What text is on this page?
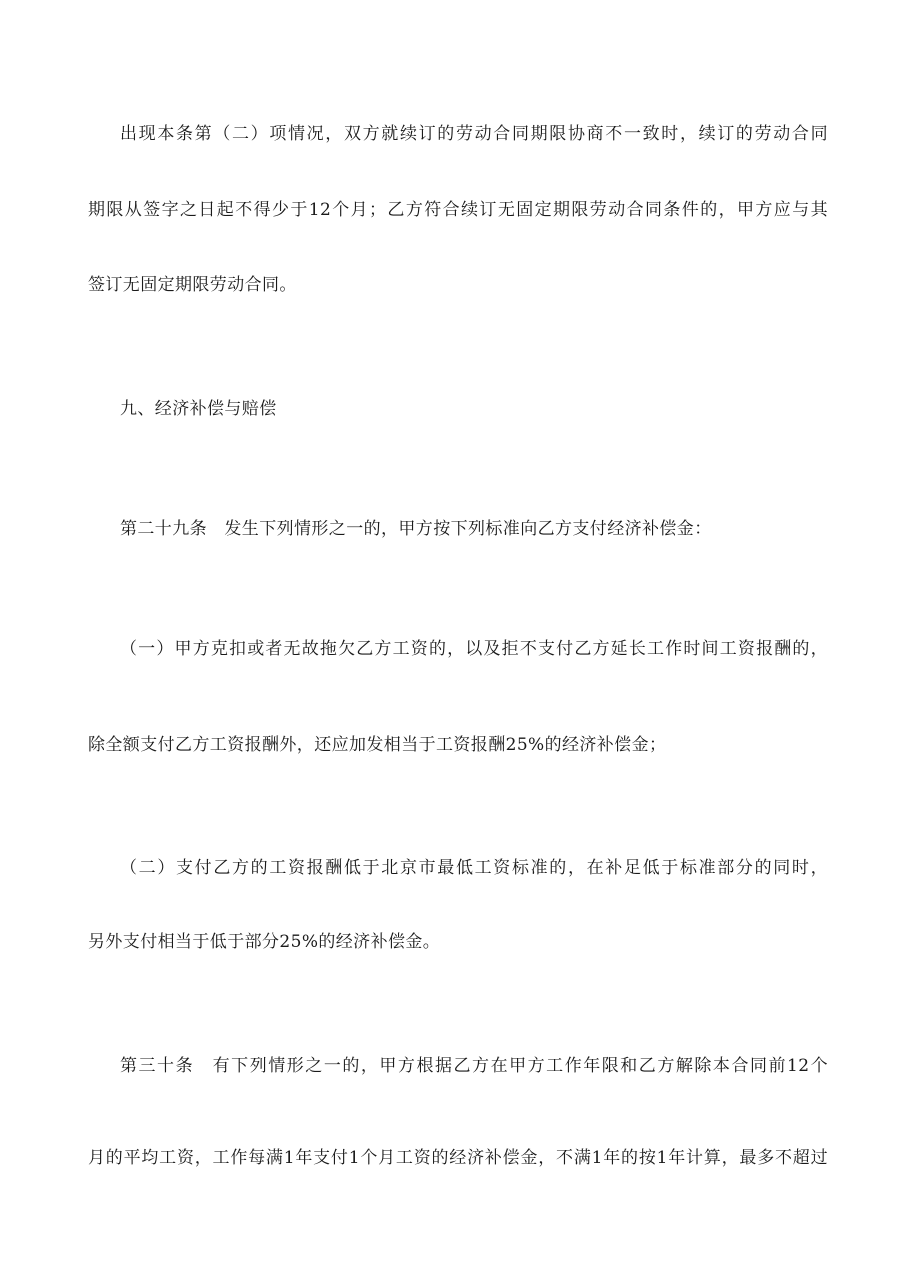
出现本条第（二）项情况，双方就续订的劳动合同期限协商不一致时，续订的劳动合同
期限从签字之日起不得少于12个月；乙方符合续订无固定期限劳动合同条件的，甲方应与其
签订无固定期限劳动合同。
九、经济补偿与赔偿
第二十九条　发生下列情形之一的，甲方按下列标准向乙方支付经济补偿金：
（一）甲方克扣或者无故拖欠乙方工资的，以及拒不支付乙方延长工作时间工资报酬的，
除全额支付乙方工资报酬外，还应加发相当于工资报酬25%的经济补偿金；
（二）支付乙方的工资报酬低于北京市最低工资标准的，在补足低于标准部分的同时，
另外支付相当于低于部分25%的经济补偿金。
第三十条　有下列情形之一的，甲方根据乙方在甲方工作年限和乙方解除本合同前12个
月的平均工资，工作每满1年支付1个月工资的经济补偿金，不满1年的按1年计算，最多不超过
